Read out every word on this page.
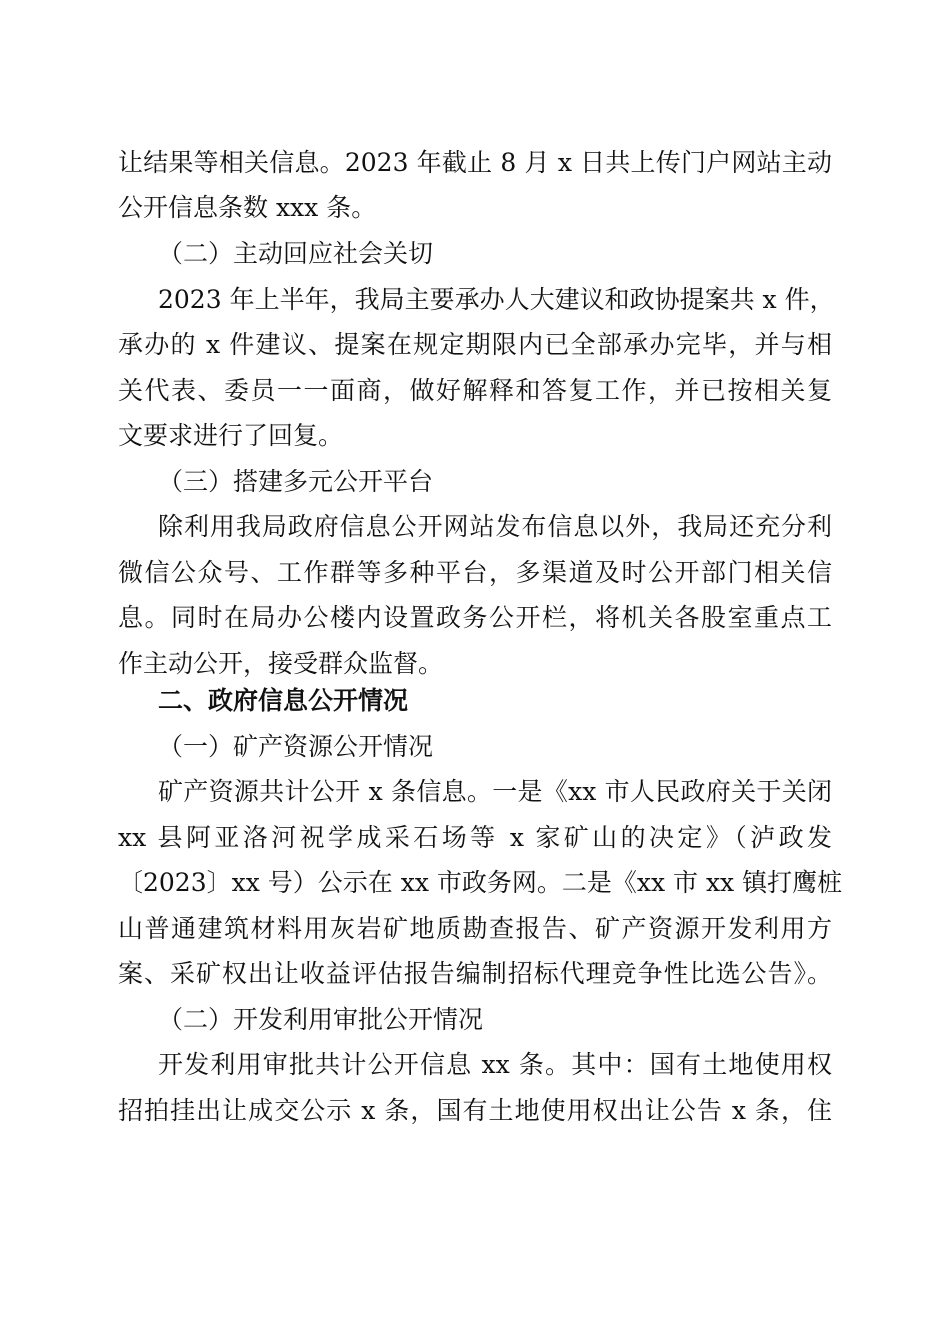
让结果等相关信息。2023 年截止 8 月 x 日共上传门户网站主动
公开信息条数 xxx 条。
（二）主动回应社会关切
2023 年上半年，我局主要承办人大建议和政协提案共 x 件，
承办的 x 件建议、提案在规定期限内已全部承办完毕，并与相
关代表、委员一一面商，做好解释和答复工作，并已按相关复
文要求进行了回复。
（三）搭建多元公开平台
除利用我局政府信息公开网站发布信息以外，我局还充分利
微信公众号、工作群等多种平台，多渠道及时公开部门相关信
息。同时在局办公楼内设置政务公开栏，将机关各股室重点工
作主动公开，接受群众监督。
二、政府信息公开情况
（一）矿产资源公开情况
矿产资源共计公开 x 条信息。一是《xx 市人民政府关于关闭
xx 县阿亚洛河祝学成采石场等 x 家矿山的决定》（泸政发
〔2023〕xx 号）公示在 xx 市政务网。二是《xx 市 xx 镇打鹰桩
山普通建筑材料用灰岩矿地质勘查报告、矿产资源开发利用方
案、采矿权出让收益评估报告编制招标代理竞争性比选公告》。
（二）开发利用审批公开情况
开发利用审批共计公开信息 xx 条。其中：国有土地使用权
招拍挂出让成交公示 x 条，国有土地使用权出让公告 x 条，住
